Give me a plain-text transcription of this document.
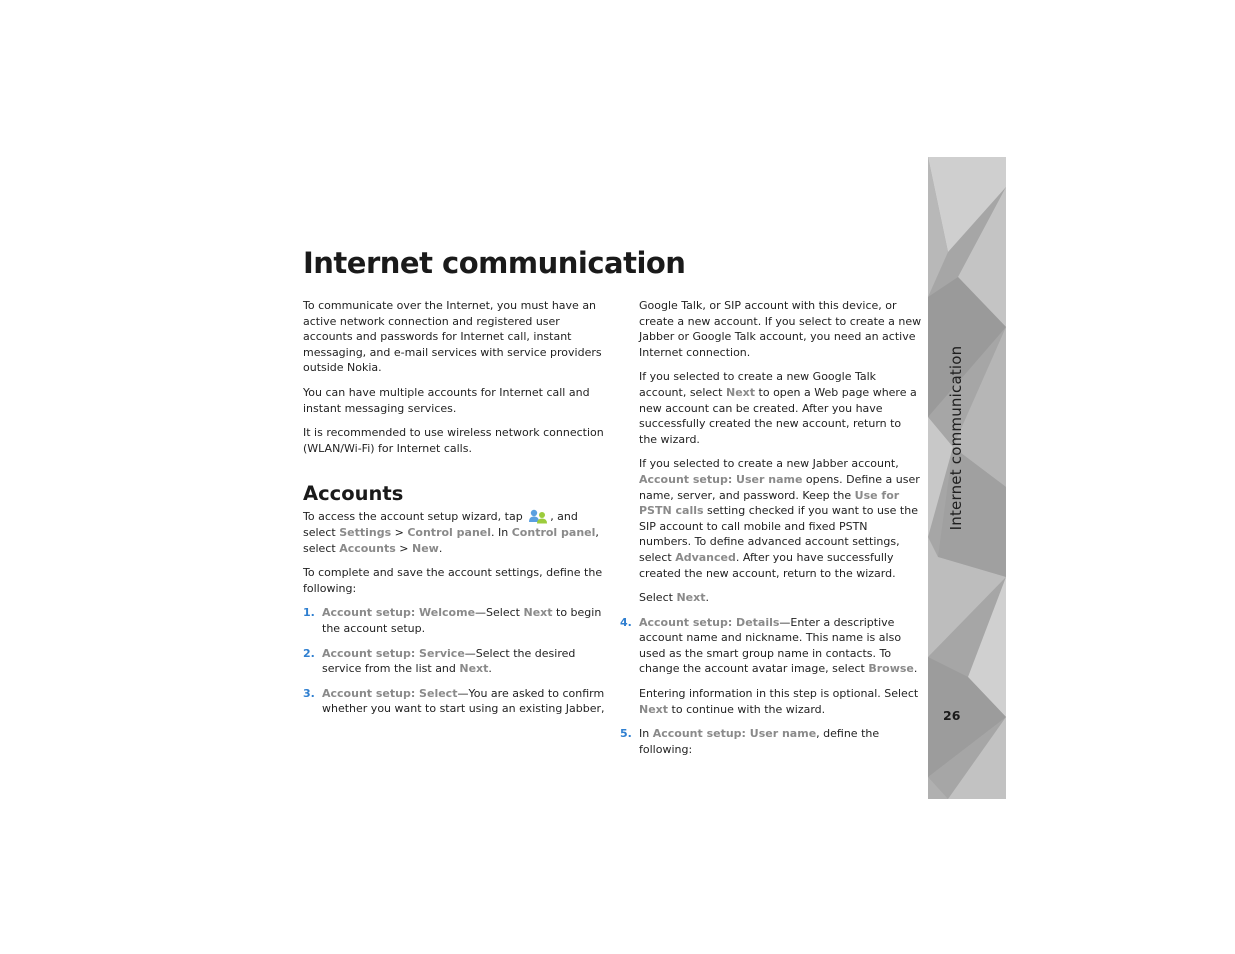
Internet communication

To communicate over the Internet, you must have an active network connection and registered user accounts and passwords for Internet call, instant messaging, and e-mail services with service providers outside Nokia.

You can have multiple accounts for Internet call and instant messaging services.

It is recommended to use wireless network connection (WLAN/Wi-Fi) for Internet calls.

Accounts

To access the account setup wizard, tap	, and select Settings > Control panel. In Control panel, select Accounts > New.

To complete and save the account settings, define the following:

1. Account setup: Welcome—Select Next to begin the account setup.
2. Account setup: Service—Select the desired service from the list and Next.
3. Account setup: Select—You are asked to confirm whether you want to start using an existing Jabber,

Google Talk, or SIP account with this device, or create a new account. If you select to create a new Jabber or Google Talk account, you need an active Internet connection.

If you selected to create a new Google Talk account, select Next to open a Web page where a new account can be created. After you have successfully created the new account, return to the wizard.

If you selected to create a new Jabber account, Account setup: User name opens. Define a user name, server, and password. Keep the Use for PSTN calls setting checked if you want to use the SIP account to call mobile and fixed PSTN numbers. To define advanced account settings, select Advanced. After you have successfully created the new account, return to the wizard.

Select Next.

4. Account setup: Details—Enter a descriptive account name and nickname. This name is also used as the smart group name in contacts. To change the account avatar image, select Browse.

Entering information in this step is optional. Select Next to continue with the wizard.

5. In Account setup: User name, define the following:
Internet communication
26
